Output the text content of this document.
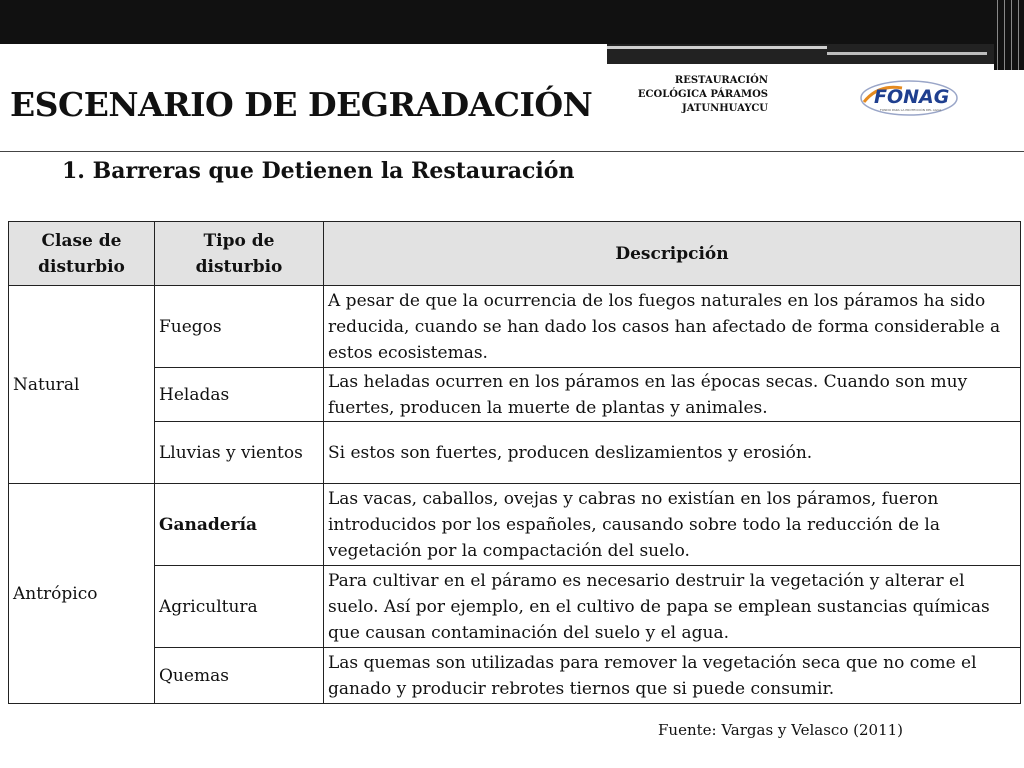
ESCENARIO DE DEGRADACIÓN
RESTAURACIÓN
ECOLÓGICA PÁRAMOS
JATUNHUAYCU
FONAG
FONDO PARA LA PROTECCIÓN DEL AGUA
1. Barreras que Detienen la Restauración
Clase de disturbio	Tipo de disturbio	Descripción
Natural	Fuegos	A pesar de que la ocurrencia de los fuegos naturales en los páramos ha sido reducida, cuando se han dado los casos han afectado de forma considerable a estos ecosistemas.
	Heladas	Las heladas ocurren en los páramos en las épocas secas. Cuando son muy fuertes, producen la muerte de plantas y animales.
	Lluvias y vientos	Si estos son fuertes, producen deslizamientos y erosión.
Antrópico	Ganadería	Las vacas, caballos, ovejas y cabras no existían en los páramos, fueron introducidos por los españoles, causando sobre todo la reducción de la vegetación por la compactación del suelo.
	Agricultura	Para cultivar en el páramo es necesario destruir la vegetación y alterar el suelo. Así por ejemplo, en el cultivo de papa se emplean sustancias químicas que causan contaminación del suelo y el agua.
	Quemas	Las quemas son utilizadas para remover la vegetación seca que no come el ganado y producir rebrotes tiernos que si puede consumir.
Fuente: Vargas y Velasco (2011)
